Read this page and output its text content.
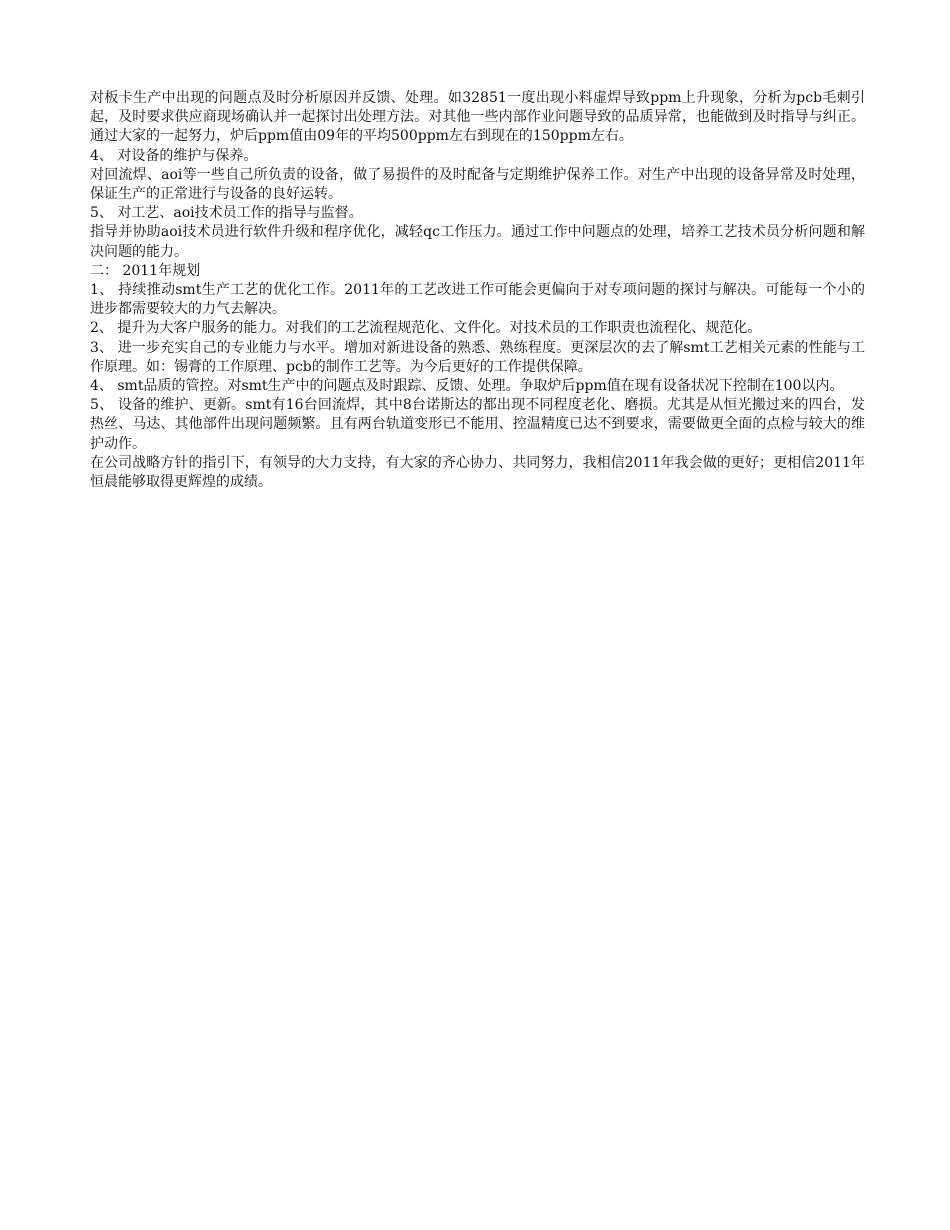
对板卡生产中出现的问题点及时分析原因并反馈、处理。如32851一度出现小料虚焊导致ppm上升现象，分析为pcb毛刺引起，及时要求供应商现场确认并一起探讨出处理方法。对其他一些内部作业问题导致的品质异常，也能做到及时指导与纠正。通过大家的一起努力，炉后ppm值由09年的平均500ppm左右到现在的150ppm左右。

4、 对设备的维护与保养。

对回流焊、aoi等一些自己所负责的设备，做了易损件的及时配备与定期维护保养工作。对生产中出现的设备异常及时处理，保证生产的正常进行与设备的良好运转。

5、 对工艺、aoi技术员工作的指导与监督。

指导并协助aoi技术员进行软件升级和程序优化，减轻qc工作压力。通过工作中问题点的处理，培养工艺技术员分析问题和解决问题的能力。

二： 2011年规划

1、 持续推动smt生产工艺的优化工作。2011年的工艺改进工作可能会更偏向于对专项问题的探讨与解决。可能每一个小的进步都需要较大的力气去解决。

2、 提升为大客户服务的能力。对我们的工艺流程规范化、文件化。对技术员的工作职责也流程化、规范化。

3、 进一步充实自己的专业能力与水平。增加对新进设备的熟悉、熟练程度。更深层次的去了解smt工艺相关元素的性能与工作原理。如：锡膏的工作原理、pcb的制作工艺等。为今后更好的工作提供保障。

4、 smt品质的管控。对smt生产中的问题点及时跟踪、反馈、处理。争取炉后ppm值在现有设备状况下控制在100以内。

5、 设备的维护、更新。smt有16台回流焊，其中8台诺斯达的都出现不同程度老化、磨损。尤其是从恒光搬过来的四台，发热丝、马达、其他部件出现问题频繁。且有两台轨道变形已不能用、控温精度已达不到要求，需要做更全面的点检与较大的维护动作。

在公司战略方针的指引下，有领导的大力支持，有大家的齐心协力、共同努力，我相信2011年我会做的更好；更相信2011年恒晨能够取得更辉煌的成绩。
